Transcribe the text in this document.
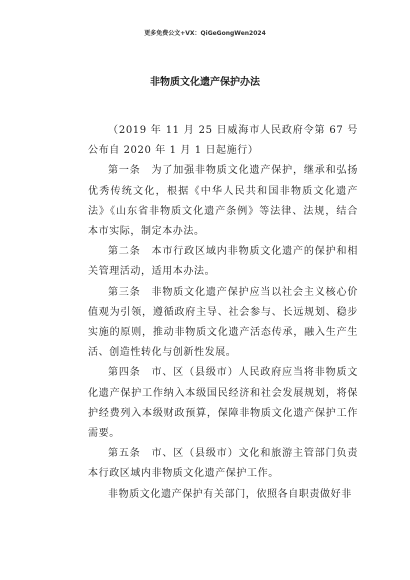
更多免费公文+VX：QiGeGongWen2024
非物质文化遗产保护办法

（2019 年 11 月 25 日威海市人民政府令第 67 号公布自 2020 年 1 月 1 日起施行）

第一条　为了加强非物质文化遗产保护，继承和弘扬优秀传统文化，根据《中华人民共和国非物质文化遗产法》《山东省非物质文化遗产条例》等法律、法规，结合本市实际，制定本办法。

第二条　本市行政区域内非物质文化遗产的保护和相关管理活动，适用本办法。

第三条　非物质文化遗产保护应当以社会主义核心价值观为引领，遵循政府主导、社会参与、长远规划、稳步实施的原则，推动非物质文化遗产活态传承，融入生产生活、创造性转化与创新性发展。

第四条　市、区（县级市）人民政府应当将非物质文化遗产保护工作纳入本级国民经济和社会发展规划，将保护经费列入本级财政预算，保障非物质文化遗产保护工作需要。

第五条　市、区（县级市）文化和旅游主管部门负责本行政区域内非物质文化遗产保护工作。

非物质文化遗产保护有关部门，依照各自职责做好非
